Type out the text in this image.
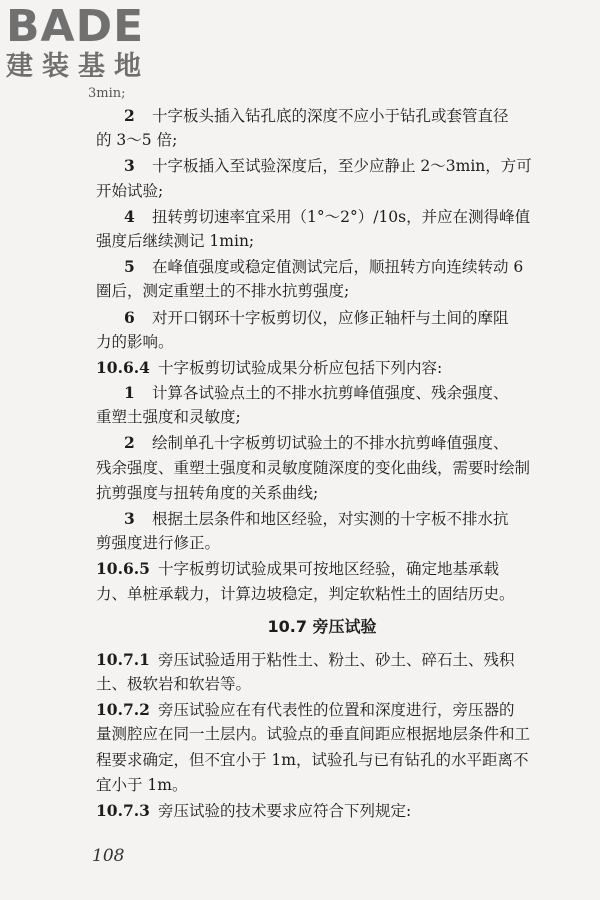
BADE
建装基地
3min;
2 十字板头插入钻孔底的深度不应小于钻孔或套管直径
的 3～5 倍;
3 十字板插入至试验深度后，至少应静止 2～3min，方可
开始试验;
4 扭转剪切速率宜采用（1°～2°）/10s，并应在测得峰值
强度后继续测记 1min;
5 在峰值强度或稳定值测试完后，顺扭转方向连续转动 6
圈后，测定重塑土的不排水抗剪强度;
6 对开口钢环十字板剪切仪，应修正轴杆与土间的摩阻
力的影响。
10.6.4 十字板剪切试验成果分析应包括下列内容:
1 计算各试验点土的不排水抗剪峰值强度、残余强度、
重塑土强度和灵敏度;
2 绘制单孔十字板剪切试验土的不排水抗剪峰值强度、
残余强度、重塑土强度和灵敏度随深度的变化曲线，需要时绘制
抗剪强度与扭转角度的关系曲线;
3 根据土层条件和地区经验，对实测的十字板不排水抗
剪强度进行修正。
10.6.5 十字板剪切试验成果可按地区经验，确定地基承载
力、单桩承载力，计算边坡稳定，判定软粘性土的固结历史。
10.7 旁压试验
10.7.1 旁压试验适用于粘性土、粉土、砂土、碎石土、残积
土、极软岩和软岩等。
10.7.2 旁压试验应在有代表性的位置和深度进行，旁压器的
量测腔应在同一土层内。试验点的垂直间距应根据地层条件和工
程要求确定，但不宜小于 1m，试验孔与已有钻孔的水平距离不
宜小于 1m。
10.7.3 旁压试验的技术要求应符合下列规定:
108
